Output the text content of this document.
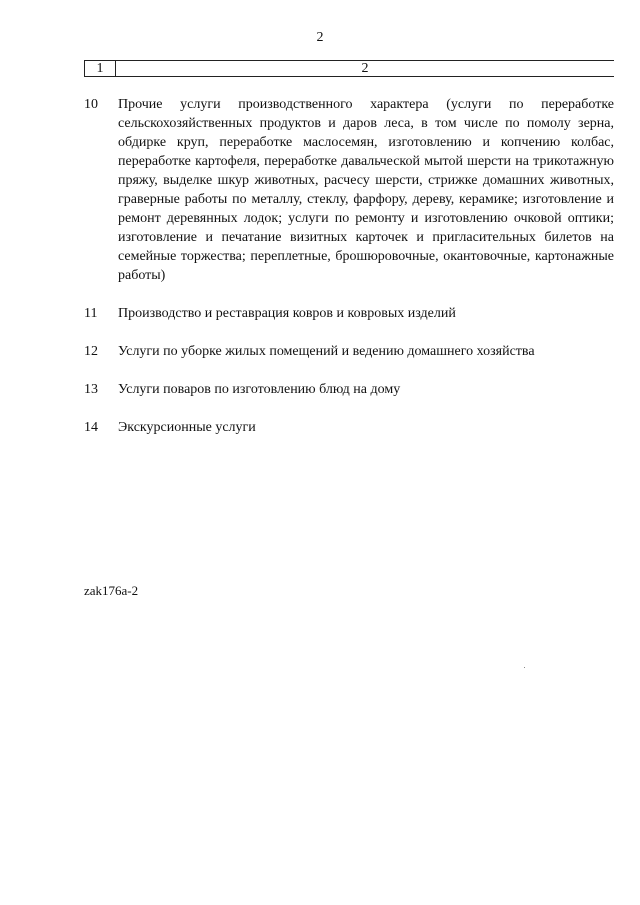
2
1	2
10	Прочие услуги производственного характера (услуги по переработке сельскохозяйственных продуктов и даров леса, в том числе по помолу зерна, обдирке круп, переработке маслосемян, изготовлению и копчению колбас, переработке картофеля, переработке давальческой мытой шерсти на трикотажную пряжу, выделке шкур животных, расчесу шерсти, стрижке домашних животных, граверные работы по металлу, стеклу, фарфору, дереву, керамике; изготовление и ремонт деревянных лодок; услуги по ремонту и изготовлению очковой оптики; изготовление и печатание визитных карточек и пригласительных билетов на семейные торжества; переплетные, брошюровочные, окантовочные, картонажные работы)
11	Производство и реставрация ковров и ковровых изделий
12	Услуги по уборке жилых помещений и ведению домашнего хозяйства
13	Услуги поваров по изготовлению блюд на дому
14	Экскурсионные услуги
zak176a-2
